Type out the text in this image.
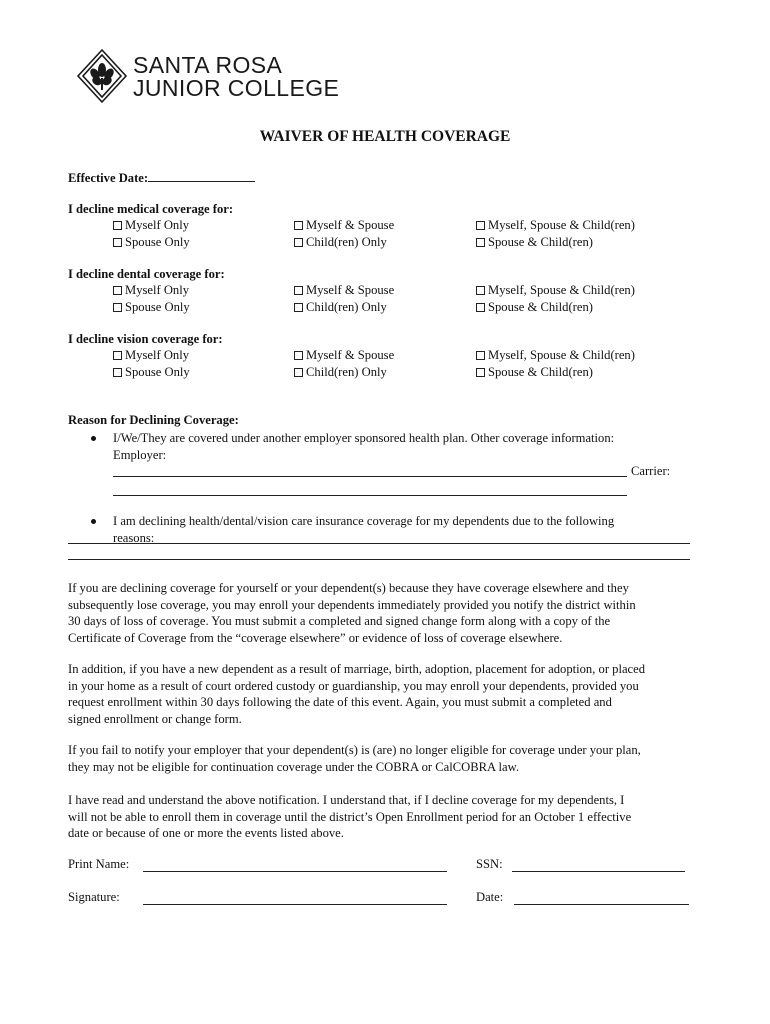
SANTA ROSA
JUNIOR COLLEGE
WAIVER OF HEALTH COVERAGE
Effective Date:
I decline medical coverage for:
Myself Only
Spouse Only
Myself & Spouse
Child(ren) Only
Myself, Spouse & Child(ren)
Spouse & Child(ren)
I decline dental coverage for:
Myself Only
Spouse Only
Myself & Spouse
Child(ren) Only
Myself, Spouse & Child(ren)
Spouse & Child(ren)
I decline vision coverage for:
Myself Only
Spouse Only
Myself & Spouse
Child(ren) Only
Myself, Spouse & Child(ren)
Spouse & Child(ren)
Reason for Declining Coverage:
I/We/They are covered under another employer sponsored health plan. Other coverage information:
Employer:
Carrier:
I am declining health/dental/vision care insurance coverage for my dependents due to the following
reasons:
If you are declining coverage for yourself or your dependent(s) because they have coverage elsewhere and they
subsequently lose coverage, you may enroll your dependents immediately provided you notify the district within
30 days of loss of coverage. You must submit a completed and signed change form along with a copy of the
Certificate of Coverage from the “coverage elsewhere” or evidence of loss of coverage elsewhere.
In addition, if you have a new dependent as a result of marriage, birth, adoption, placement for adoption, or placed
in your home as a result of court ordered custody or guardianship, you may enroll your dependents, provided you
request enrollment within 30 days following the date of this event. Again, you must submit a completed and
signed enrollment or change form.
If you fail to notify your employer that your dependent(s) is (are) no longer eligible for coverage under your plan,
they may not be eligible for continuation coverage under the COBRA or CalCOBRA law.
I have read and understand the above notification. I understand that, if I decline coverage for my dependents, I
will not be able to enroll them in coverage until the district’s Open Enrollment period for an October 1 effective
date or because of one or more the events listed above.
Print Name:	SSN:
Signature:	Date:
